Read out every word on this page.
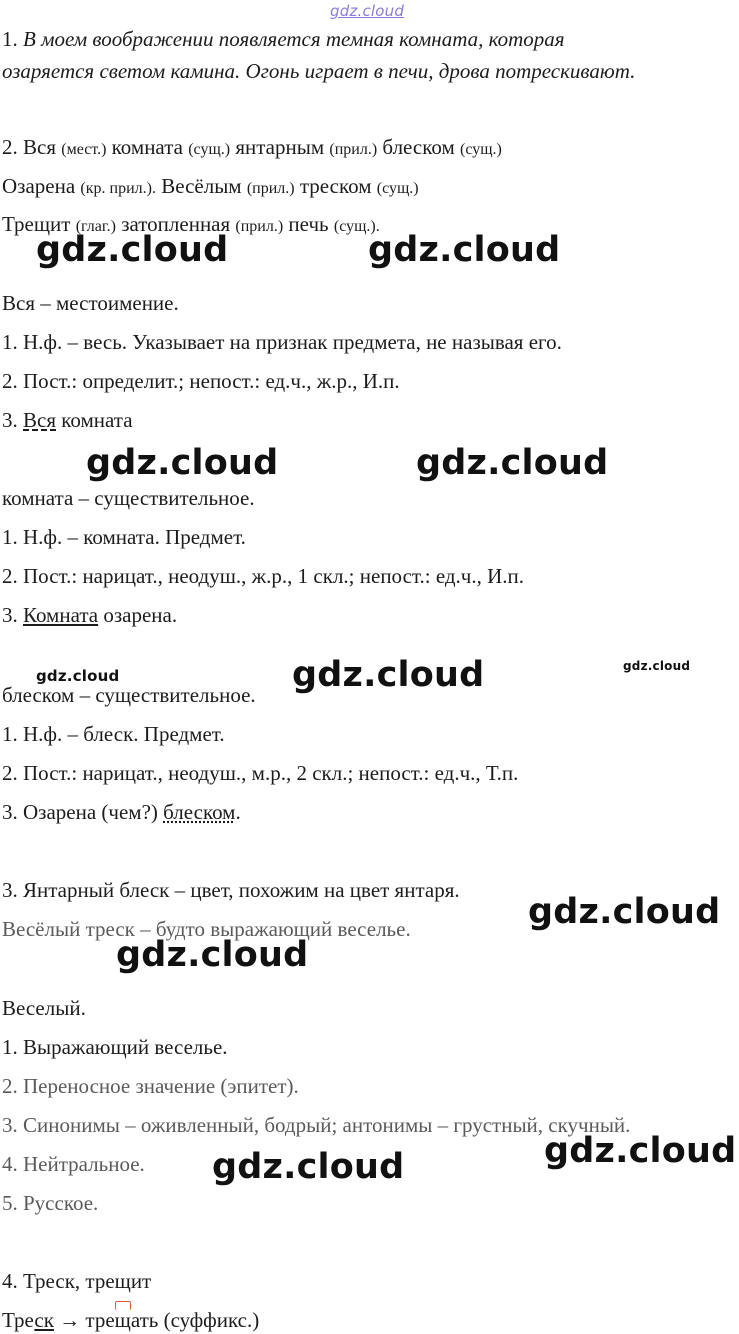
gdz.cloud
1. В моем воображении появляется темная комната, которая
озаряется светом камина. Огонь играет в печи, дрова потрескивают.
2. Вся (мест.) комната (сущ.) янтарным (прил.) блеском (сущ.)
Озарена (кр. прил.). Весёлым (прил.) треском (сущ.)
Трещит (глаг.) затопленная (прил.) печь (сущ.).
gdz.cloud	gdz.cloud
Вся – местоимение.
1. Н.ф. – весь. Указывает на признак предмета, не называя его.
2. Пост.: определит.; непост.: ед.ч., ж.р., И.п.
3. Вся комната
gdz.cloud	gdz.cloud
комната – существительное.
1. Н.ф. – комната. Предмет.
2. Пост.: нарицат., неодуш., ж.р., 1 скл.; непост.: ед.ч., И.п.
3. Комната озарена.
gdz.cloud	gdz.cloud	gdz.cloud
блеском – существительное.
1. Н.ф. – блеск. Предмет.
2. Пост.: нарицат., неодуш., м.р., 2 скл.; непост.: ед.ч., Т.п.
3. Озарена (чем?) блеском.
3. Янтарный блеск – цвет, похожим на цвет янтаря.
Весёлый треск – будто выражающий веселье.	gdz.cloud
gdz.cloud
Веселый.
1. Выражающий веселье.
2. Переносное значение (эпитет).
3. Синонимы – оживленный, бодрый; антонимы – грустный, скучный.
4. Нейтральное.
5. Русское.
gdz.cloud	gdz.cloud
4. Треск, трещит
Треск → трещать (суффикс.)
